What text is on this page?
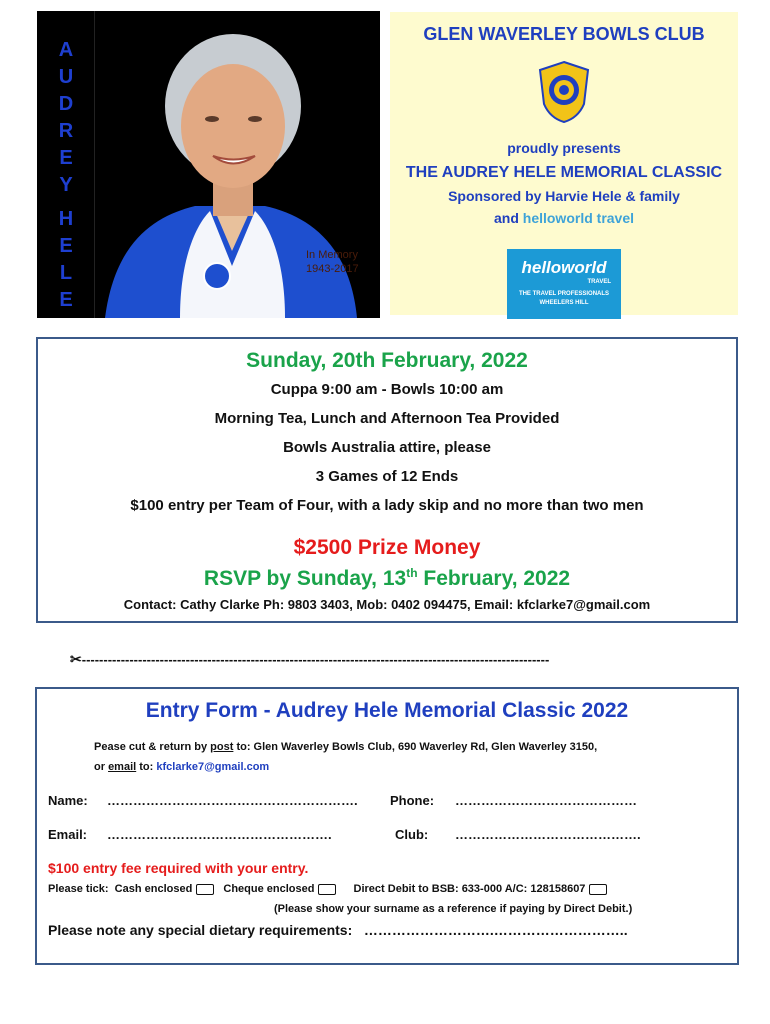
A
U
D
R
E
Y
H
E
L
E
In Memory
1943-2017
GLEN WAVERLEY BOWLS CLUB
proudly presents
THE AUDREY HELE MEMORIAL CLASSIC
Sponsored by Harvie Hele & family
and helloworld travel
helloworld
TRAVEL
THE TRAVEL PROFESSIONALS
WHEELERS HILL
Sunday, 20th February, 2022
Cuppa 9:00 am - Bowls 10:00 am
Morning Tea, Lunch and Afternoon Tea Provided
Bowls Australia attire, please
3 Games of 12 Ends
$100 entry per Team of Four, with a lady skip and no more than two men
$2500 Prize Money
RSVP by Sunday, 13th February, 2022
Contact: Cathy Clarke Ph: 9803 3403, Mob: 0402 094475, Email: kfclarke7@gmail.com
✂------------------------------------------------------------------------------------------------------------
Entry Form - Audrey Hele Memorial Classic 2022
Pease cut & return by post to: Glen Waverley Bowls Club, 690 Waverley Rd, Glen Waverley 3150,
or email to: kfclarke7@gmail.com
Name: …………………………………………………. Phone: ……………………………………
Email: …………………………………………….	Club: …………………………………….
$100 entry fee required with your entry.
Please tick: Cash enclosed	Cheque enclosed	Direct Debit to BSB: 633-000 A/C: 128158607
(Please show your surname as a reference if paying by Direct Debit.)
Please note any special dietary requirements: ……………………….………………………..
